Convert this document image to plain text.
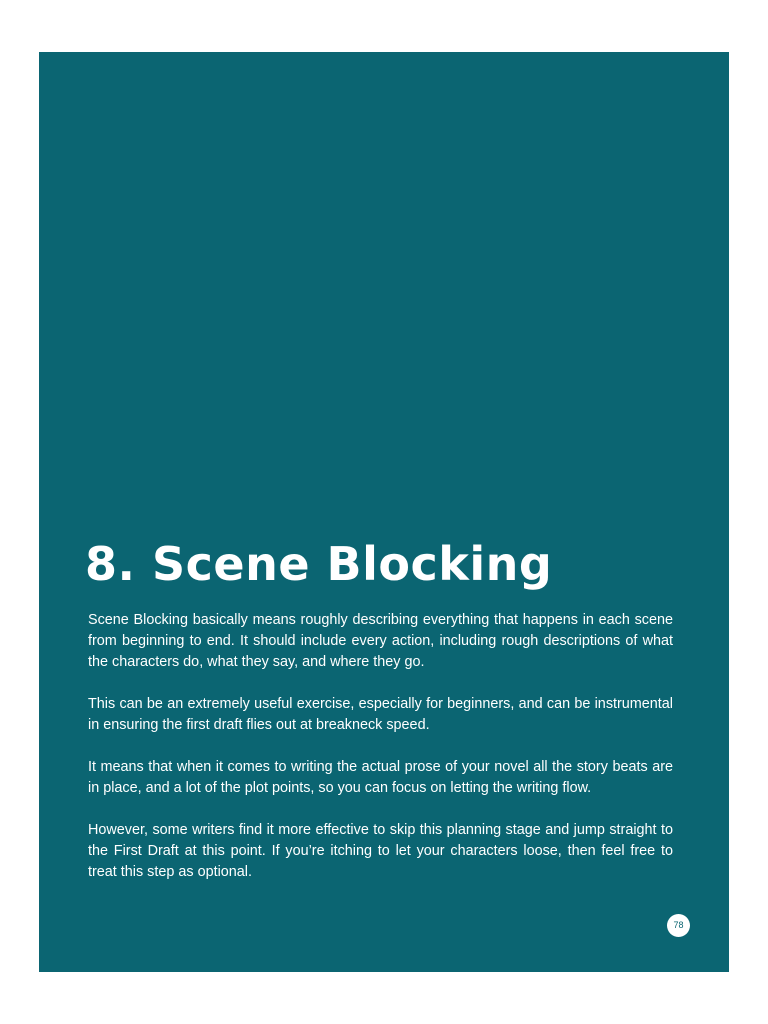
8. Scene Blocking

Scene Blocking basically means roughly describing everything that happens in each scene from beginning to end. It should include every action, including rough descriptions of what the characters do, what they say, and where they go.

This can be an extremely useful exercise, especially for beginners, and can be instrumental in ensuring the first draft flies out at breakneck speed.

It means that when it comes to writing the actual prose of your novel all the story beats are in place, and a lot of the plot points, so you can focus on letting the writing flow.

However, some writers find it more effective to skip this planning stage and jump straight to the First Draft at this point. If you’re itching to let your characters loose, then feel free to treat this step as optional.

78
